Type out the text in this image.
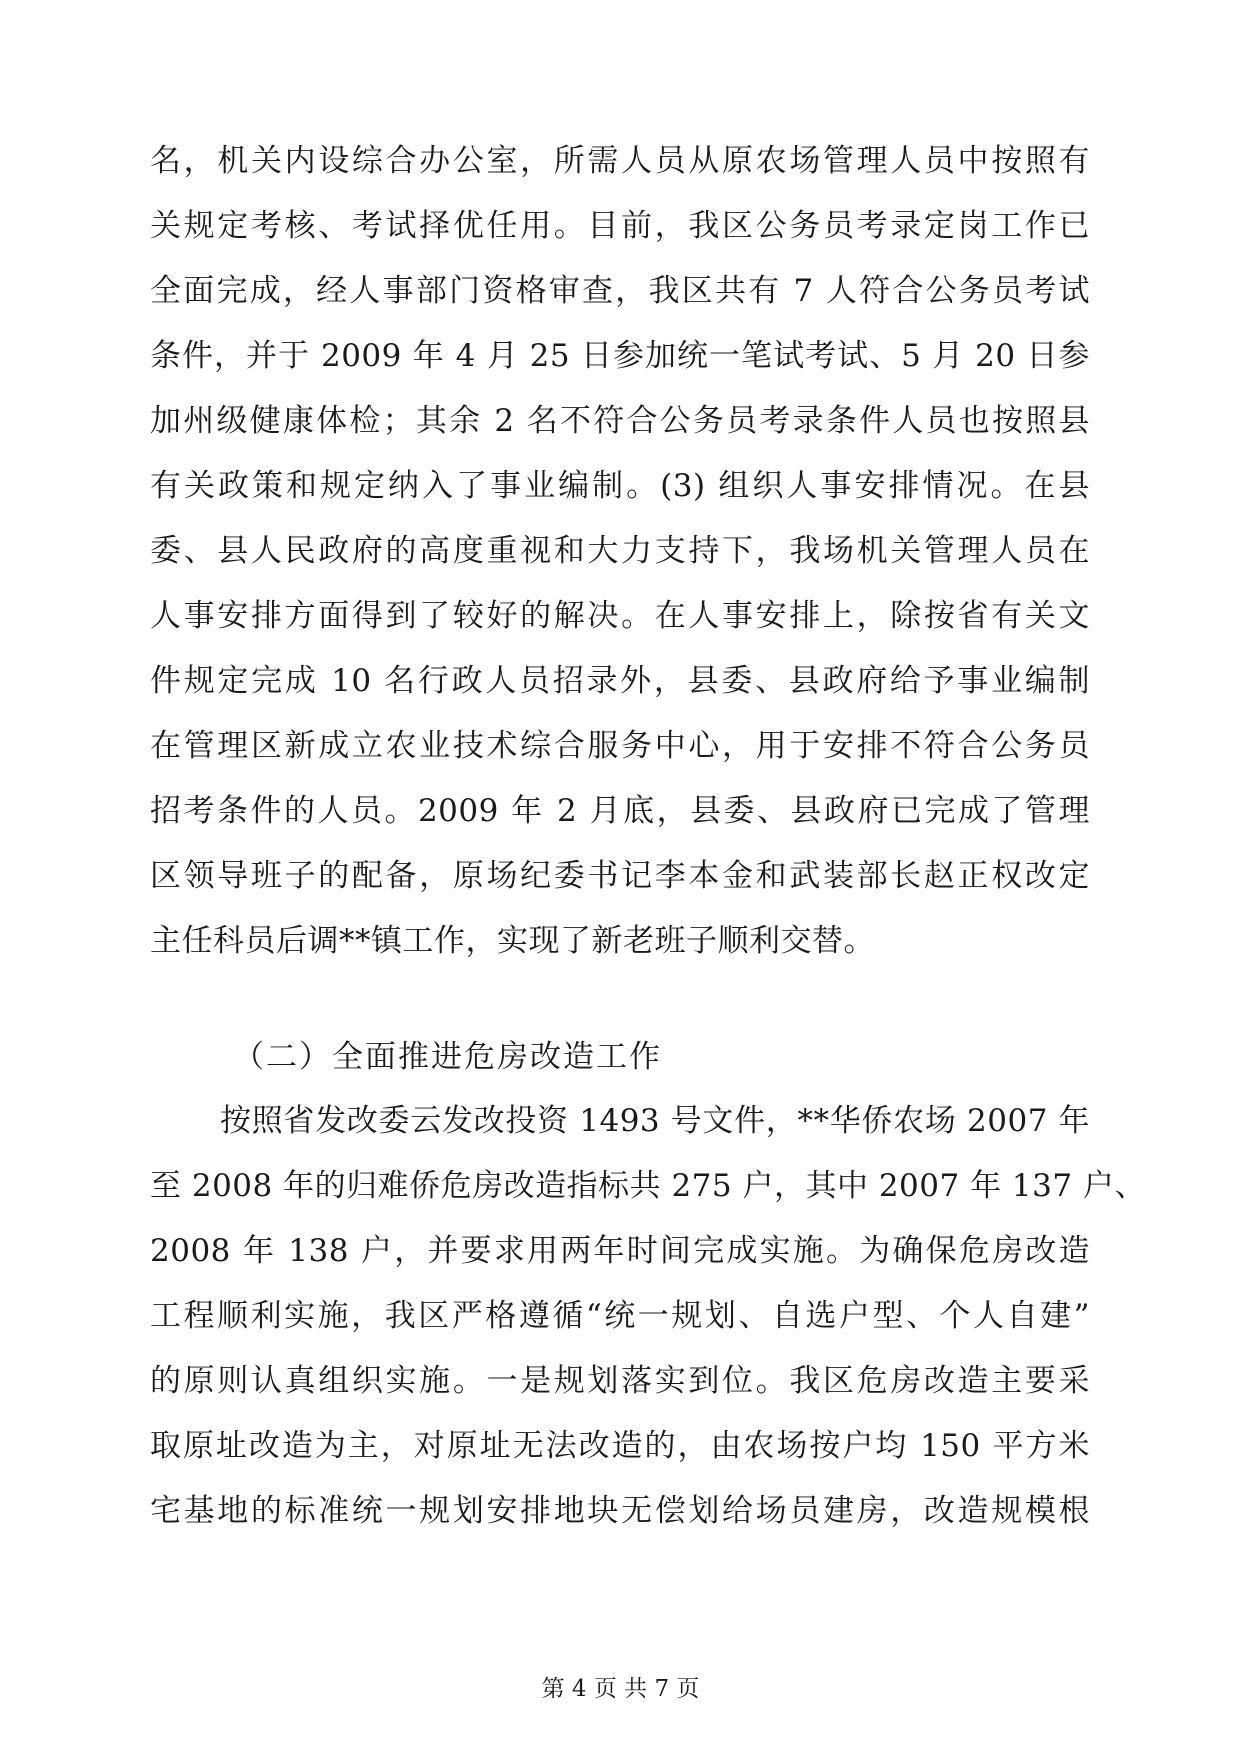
名，机关内设综合办公室，所需人员从原农场管理人员中按照有
关规定考核、考试择优任用。目前，我区公务员考录定岗工作已
全面完成，经人事部门资格审查，我区共有 7 人符合公务员考试
条件，并于 2009 年 4 月 25 日参加统一笔试考试、5 月 20 日参
加州级健康体检；其余 2 名不符合公务员考录条件人员也按照县
有关政策和规定纳入了事业编制。(3) 组织人事安排情况。在县
委、县人民政府的高度重视和大力支持下，我场机关管理人员在
人事安排方面得到了较好的解决。在人事安排上，除按省有关文
件规定完成 10 名行政人员招录外，县委、县政府给予事业编制
在管理区新成立农业技术综合服务中心，用于安排不符合公务员
招考条件的人员。2009 年 2 月底，县委、县政府已完成了管理
区领导班子的配备，原场纪委书记李本金和武装部长赵正权改定
主任科员后调**镇工作，实现了新老班子顺利交替。
按照省发改委云发改投资 1493 号文件，**华侨农场 2007 年
至 2008 年的归难侨危房改造指标共 275 户，其中 2007 年 137 户、
2008 年 138 户，并要求用两年时间完成实施。为确保危房改造
工程顺利实施，我区严格遵循“统一规划、自选户型、个人自建”
的原则认真组织实施。一是规划落实到位。我区危房改造主要采
取原址改造为主，对原址无法改造的，由农场按户均 150 平方米
宅基地的标准统一规划安排地块无偿划给场员建房，改造规模根
（二）全面推进危房改造工作
第 4 页 共 7 页
